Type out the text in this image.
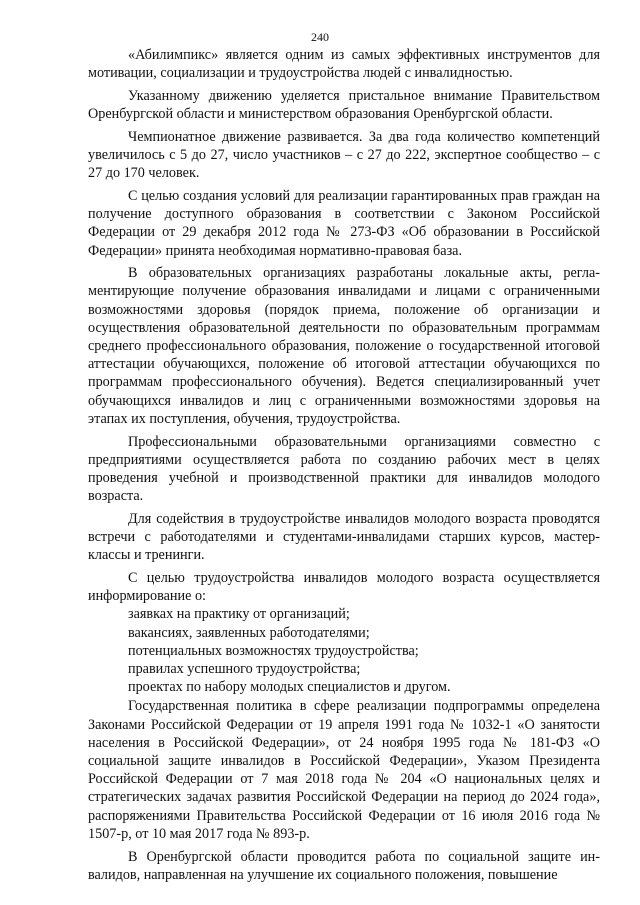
240

«Абилимпикс» является одним из самых эффективных инструментов для мотивации, социализации и трудоустройства людей с инвалидностью.

Указанному движению уделяется пристальное внимание Правительством Оренбургской области и министерством образования Оренбургской области.

Чемпионатное движение развивается. За два года количество компетенций увеличилось с 5 до 27, число участников – с 27 до 222, экспертное сообщество – с 27 до 170 человек.

С целью создания условий для реализации гарантированных прав граждан на получение доступного образования в соответствии с Законом Российской Федерации от 29 декабря 2012 года № 273-ФЗ «Об образовании в Российской Федерации» принята необходимая нормативно-правовая база.

В образовательных организациях разработаны локальные акты, регламентирующие получение образования инвалидами и лицами с ограниченными возможностями здоровья (порядок приема, положение об организации и осуществления образовательной деятельности по образовательным программам среднего профессионального образования, положение о государственной итоговой аттестации обучающихся, положение об итоговой аттестации обучающихся по программам профессионального обучения). Ведется специализированный учет обучающихся инвалидов и лиц с ограниченными возможностями здоровья на этапах их поступления, обучения, трудоустройства.

Профессиональными образовательными организациями совместно с предприятиями осуществляется работа по созданию рабочих мест в целях проведения учебной и производственной практики для инвалидов молодого возраста.

Для содействия в трудоустройстве инвалидов молодого возраста проводятся встречи с работодателями и студентами-инвалидами старших курсов, мастер-классы и тренинги.

С целью трудоустройства инвалидов молодого возраста осуществляется информирование о:

заявках на практику от организаций;

вакансиях, заявленных работодателями;

потенциальных возможностях трудоустройства;

правилах успешного трудоустройства;

проектах по набору молодых специалистов и другом.

Государственная политика в сфере реализации подпрограммы определена Законами Российской Федерации от 19 апреля 1991 года № 1032-1 «О занятости населения в Российской Федерации», от 24 ноября 1995 года № 181-ФЗ «О социальной защите инвалидов в Российской Федерации», Указом Президента Российской Федерации от 7 мая 2018 года № 204 «О национальных целях и стратегических задачах развития Российской Федерации на период до 2024 года», распоряжениями Правительства Российской Федерации от 16 июля 2016 года № 1507-р, от 10 мая 2017 года № 893-р.

В Оренбургской области проводится работа по социальной защите инвалидов, направленная на улучшение их социального положения, повышение
